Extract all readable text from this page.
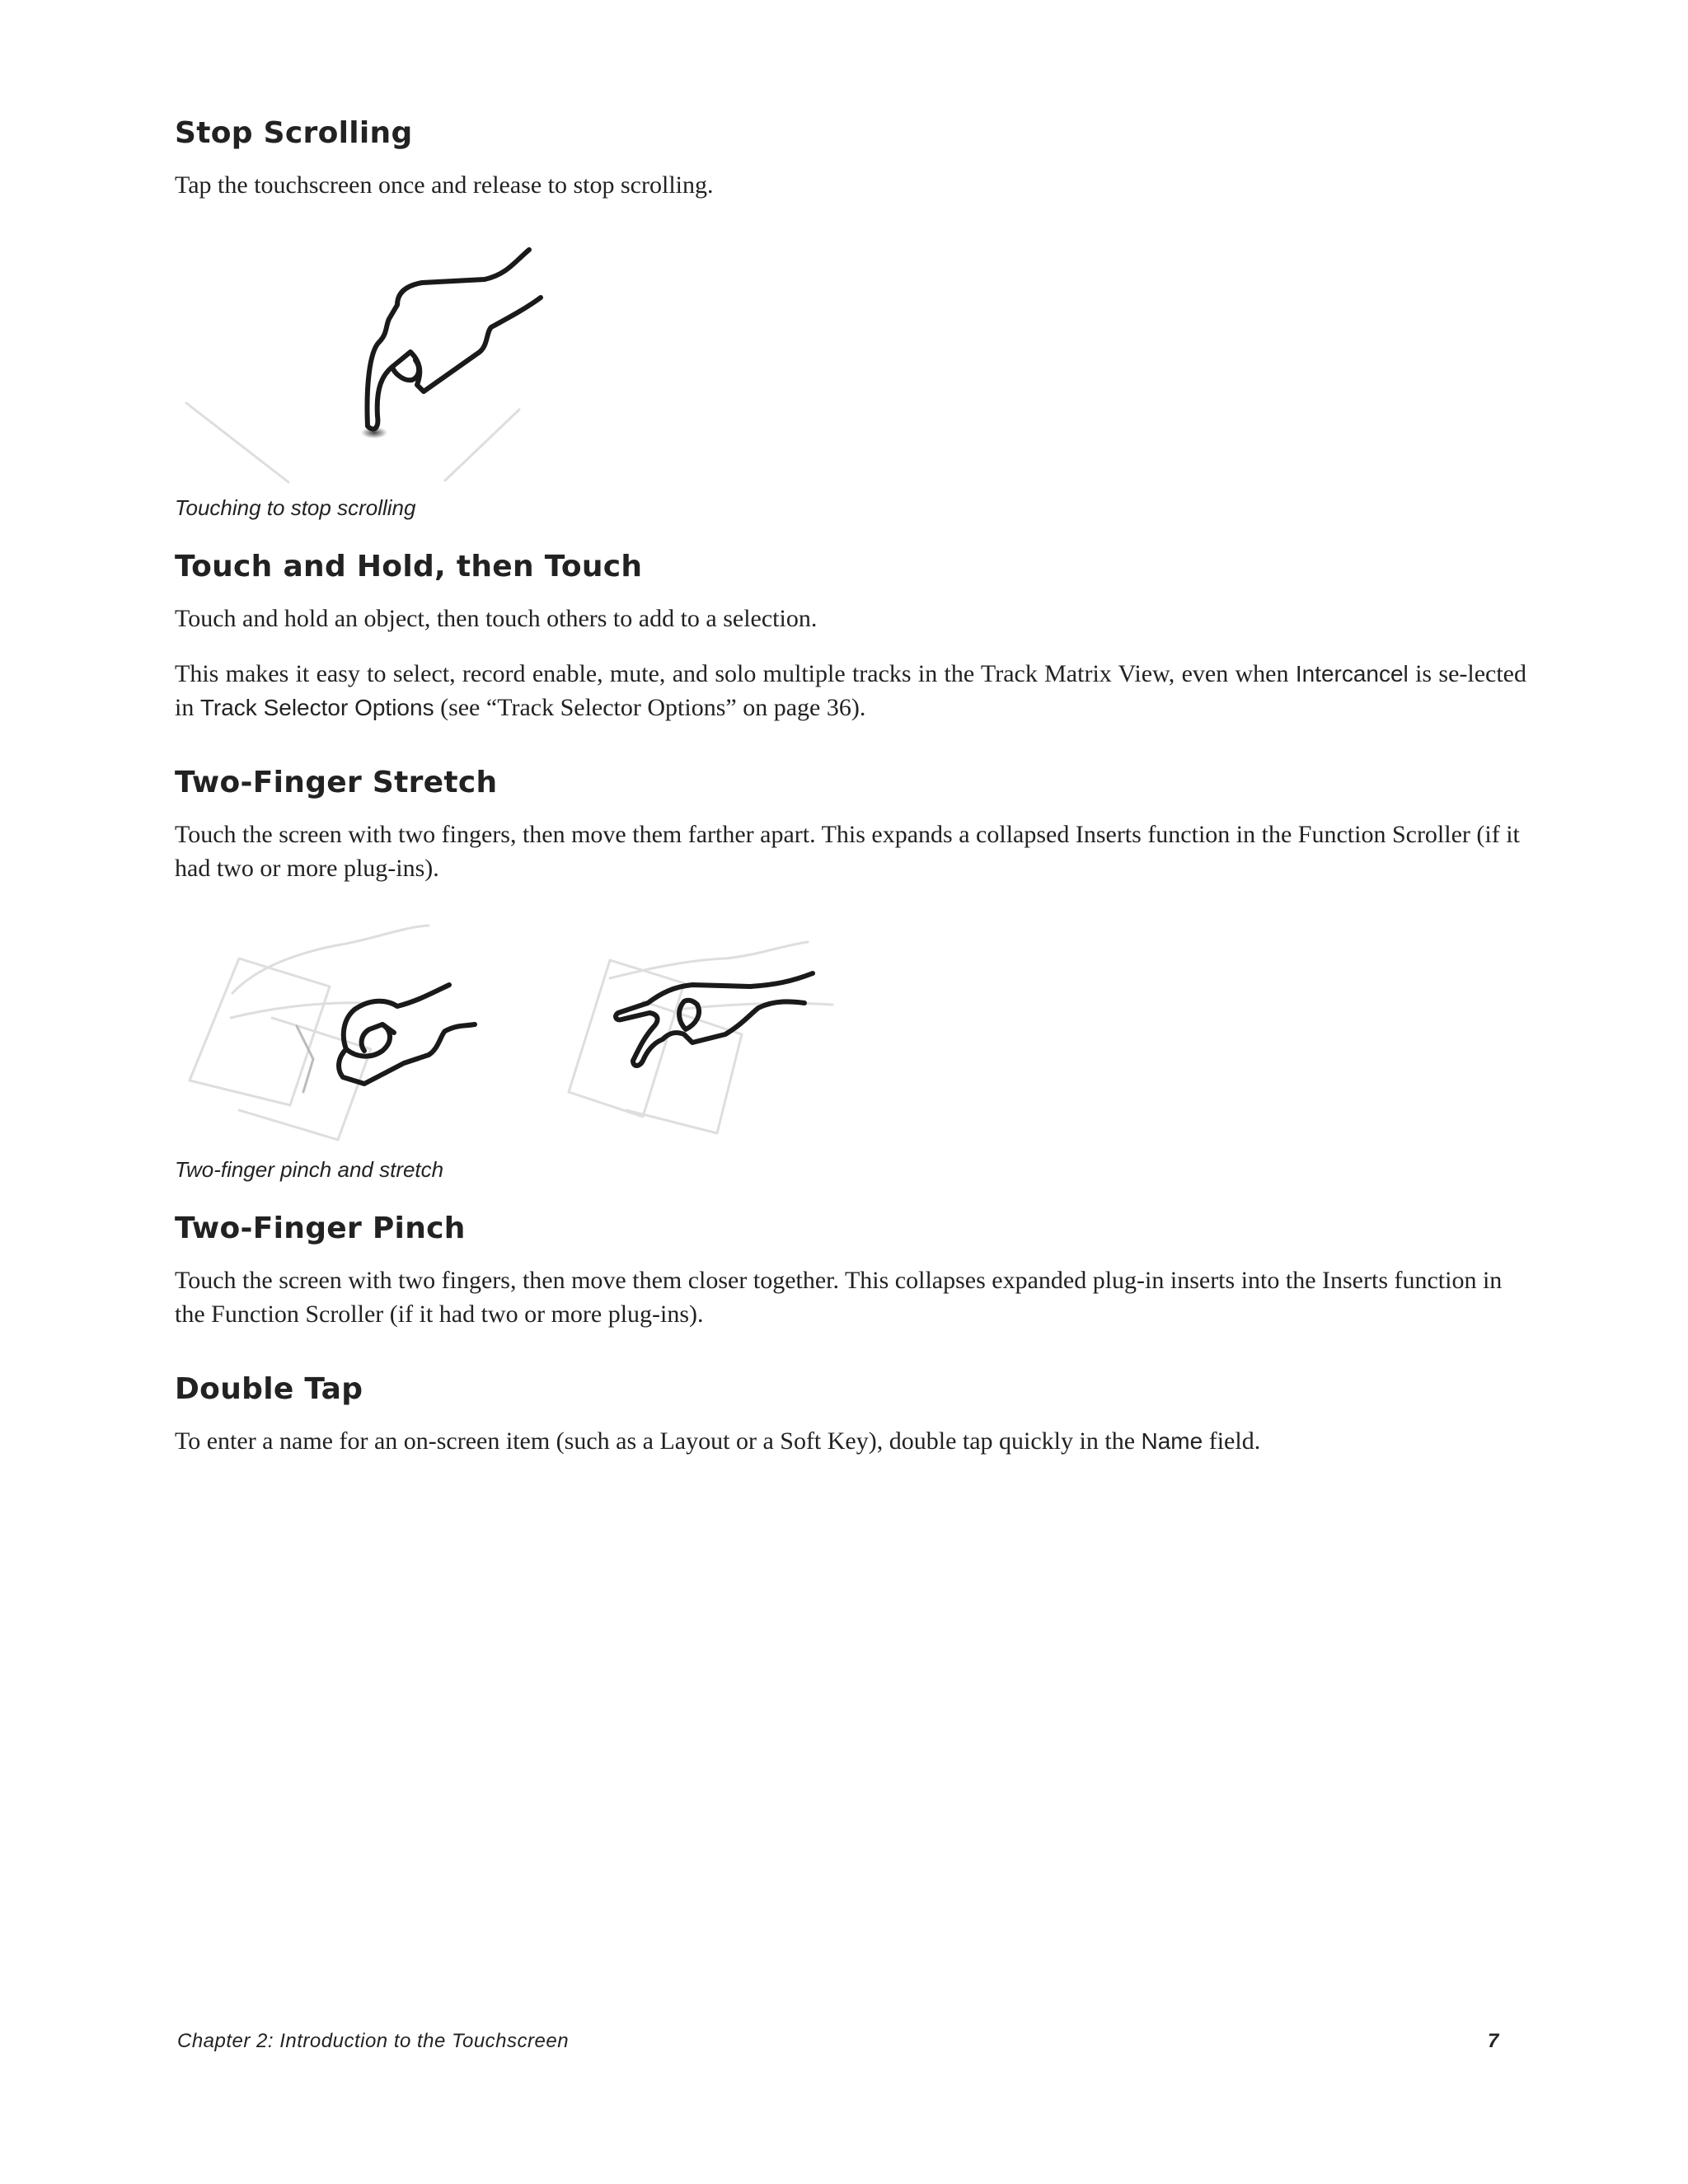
Stop Scrolling

Tap the touchscreen once and release to stop scrolling.

Touching to stop scrolling

Touch and Hold, then Touch

Touch and hold an object, then touch others to add to a selection.

This makes it easy to select, record enable, mute, and solo multiple tracks in the Track Matrix View, even when Intercancel is se-lected in Track Selector Options (see “Track Selector Options” on page 36).

Two-Finger Stretch

Touch the screen with two fingers, then move them farther apart. This expands a collapsed Inserts function in the Function Scroller (if it had two or more plug-ins).

Two-finger pinch and stretch

Two-Finger Pinch

Touch the screen with two fingers, then move them closer together. This collapses expanded plug-in inserts into the Inserts function in the Function Scroller (if it had two or more plug-ins).

Double Tap

To enter a name for an on-screen item (such as a Layout or a Soft Key), double tap quickly in the Name field.

Chapter 2: Introduction to the Touchscreen	7
